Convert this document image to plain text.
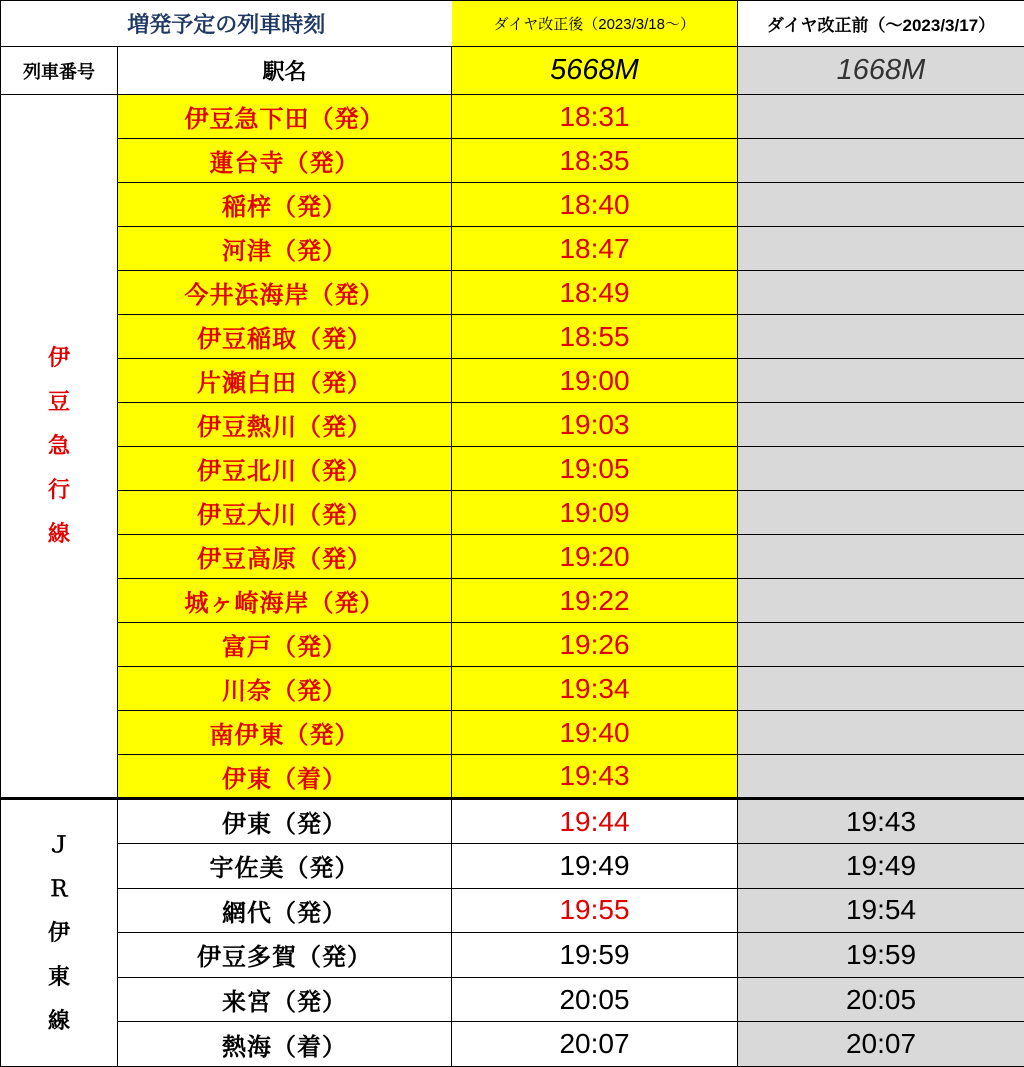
増発予定の列車時刻		ダイヤ改正後（2023/3/18～）	ダイヤ改正前（～2023/3/17）
列車番号	駅名	5668M	1668M

伊
豆
急
行
線	伊豆急下田（発）	18:31	
	蓮台寺（発）	18:35	
	稲梓（発）	18:40	
	河津（発）	18:47	
	今井浜海岸（発）	18:49	
	伊豆稲取（発）	18:55	
	片瀬白田（発）	19:00	
	伊豆熱川（発）	19:03	
	伊豆北川（発）	19:05	
	伊豆大川（発）	19:09	
	伊豆高原（発）	19:20	
	城ヶ崎海岸（発）	19:22	
	富戸（発）	19:26	
	川奈（発）	19:34	
	南伊東（発）	19:40	
	伊東（着）	19:43	

Ｊ
Ｒ
伊
東
線	伊東（発）	19:44	19:43
	宇佐美（発）	19:49	19:49
	網代（発）	19:55	19:54
	伊豆多賀（発）	19:59	19:59
	来宮（発）	20:05	20:05
	熱海（着）	20:07	20:07
